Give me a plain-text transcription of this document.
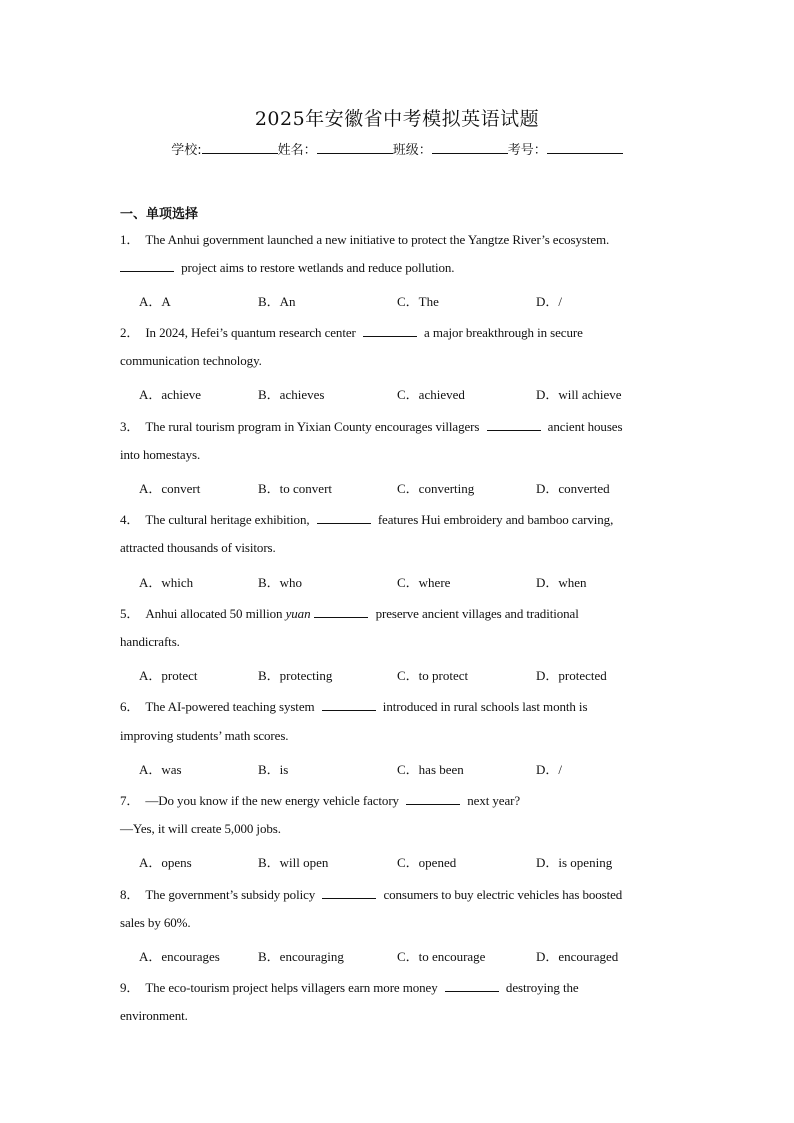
2025年安徽省中考模拟英语试题
学校:	姓名：	班级：	考号：
一、单项选择
1． The Anhui government launched a new initiative to protect the Yangtze River’s ecosystem.
project aims to restore wetlands and reduce pollution.
A．A	B．An	C．The	D．/
2． In 2024, Hefei’s quantum research center	a major breakthrough in secure
communication technology.
A．achieve	B．achieves	C．achieved	D．will achieve
3． The rural tourism program in Yixian County encourages villagers	ancient houses
into homestays.
A．convert	B．to convert	C．converting	D．converted
4． The cultural heritage exhibition,	features Hui embroidery and bamboo carving,
attracted thousands of visitors.
A．which	B．who	C．where	D．when
5． Anhui allocated 50 million yuan	preserve ancient villages and traditional
handicrafts.
A．protect	B．protecting	C．to protect	D．protected
6． The AI-powered teaching system	introduced in rural schools last month is
improving students’ math scores.
A．was	B．is	C．has been	D．/
7． —Do you know if the new energy vehicle factory	next year?
—Yes, it will create 5,000 jobs.
A．opens	B．will open	C．opened	D．is opening
8． The government’s subsidy policy	consumers to buy electric vehicles has boosted
sales by 60%.
A．encourages	B．encouraging	C．to encourage	D．encouraged
9． The eco-tourism project helps villagers earn more money	destroying the
environment.
